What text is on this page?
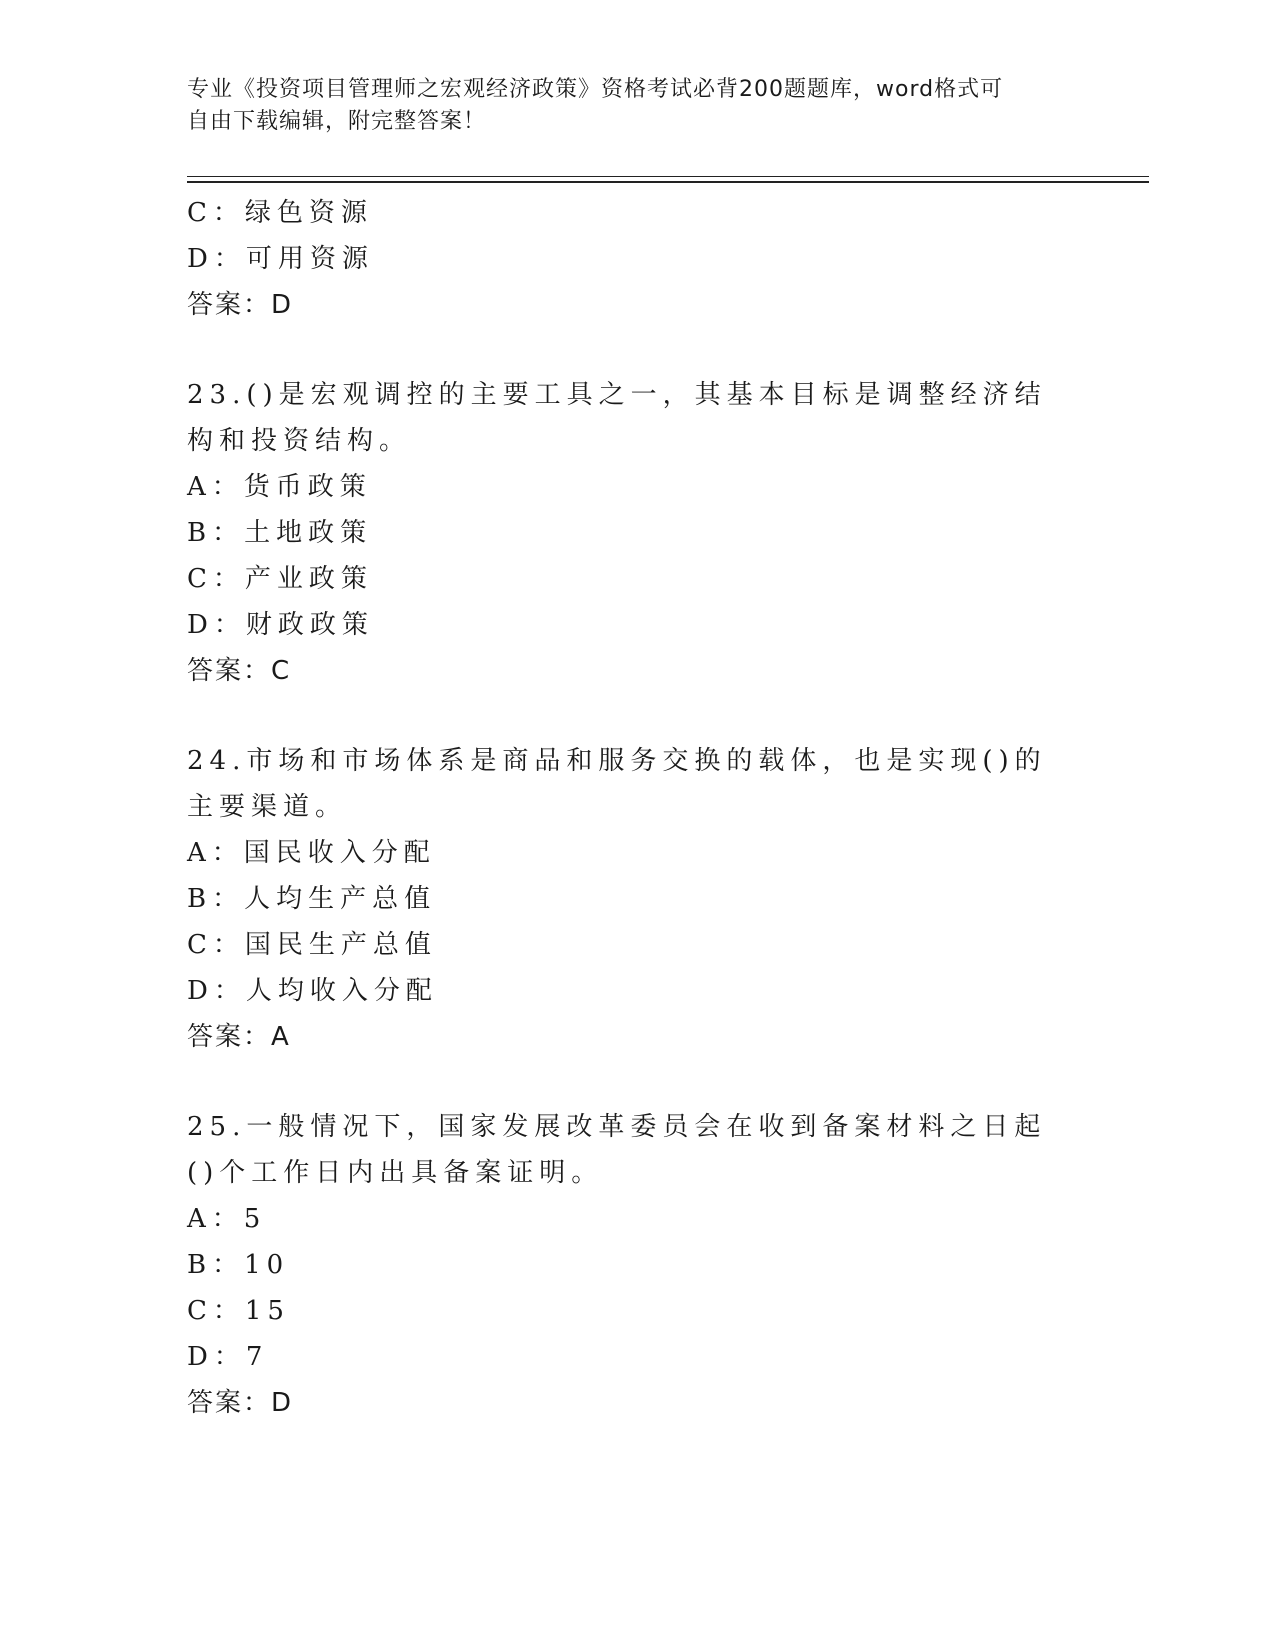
专业《投资项目管理师之宏观经济政策》资格考试必背200题题库，word格式可
自由下载编辑，附完整答案！
C：绿色资源
D：可用资源
答案：D
23.()是宏观调控的主要工具之一，其基本目标是调整经济结构和投资结构。
A：货币政策
B：土地政策
C：产业政策
D：财政政策
答案：C
24.市场和市场体系是商品和服务交换的载体，也是实现()的主要渠道。
A：国民收入分配
B：人均生产总值
C：国民生产总值
D：人均收入分配
答案：A
25.一般情况下，国家发展改革委员会在收到备案材料之日起()个工作日内出具备案证明。
A：5
B：10
C：15
D：7
答案：D
